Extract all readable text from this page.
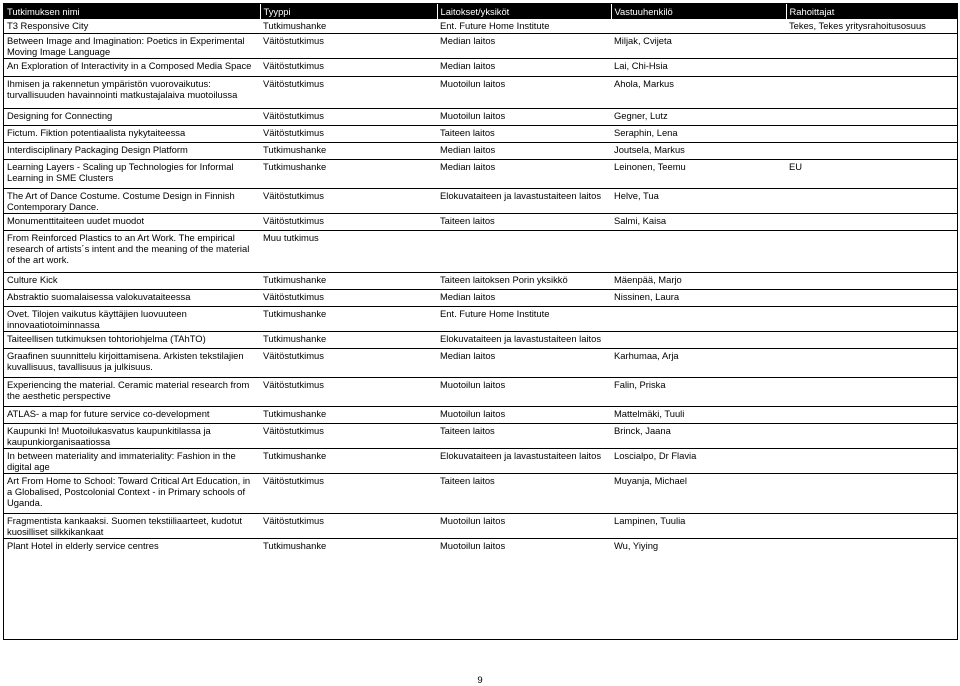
Tutkimuksen nimi	Tyyppi	Laitokset/yksiköt	Vastuuhenkilö	Rahoittajat
T3 Responsive City	Tutkimushanke	Ent. Future Home Institute		Tekes, Tekes yritysrahoitusosuus
Between Image and Imagination: Poetics in Experimental Moving Image Language	Väitöstutkimus	Median laitos	Miljak, Cvijeta	
An Exploration of Interactivity in a Composed Media Space	Väitöstutkimus	Median laitos	Lai, Chi-Hsia	
Ihmisen ja rakennetun ympäristön vuorovaikutus: turvallisuuden havainnointi matkustajalaiva muotoilussa	Väitöstutkimus	Muotoilun laitos	Ahola, Markus	
Designing for Connecting	Väitöstutkimus	Muotoilun laitos	Gegner, Lutz	
Fictum. Fiktion potentiaalista nykytaiteessa	Väitöstutkimus	Taiteen laitos	Seraphin, Lena	
Interdisciplinary Packaging Design Platform	Tutkimushanke	Median laitos	Joutsela, Markus	
Learning Layers - Scaling up Technologies for Informal Learning in SME Clusters	Tutkimushanke	Median laitos	Leinonen, Teemu	EU
The Art of Dance Costume. Costume Design in Finnish Contemporary Dance.	Väitöstutkimus	Elokuvataiteen ja lavastustaiteen laitos	Helve, Tua	
Monumenttitaiteen uudet muodot	Väitöstutkimus	Taiteen laitos	Salmi, Kaisa	
From Reinforced Plastics to an Art Work. The empirical research of artists´s intent and the meaning of the material of the art work.	Muu tutkimus			
Culture Kick	Tutkimushanke	Taiteen laitoksen Porin yksikkö	Mäenpää, Marjo	
Abstraktio suomalaisessa valokuvataiteessa	Väitöstutkimus	Median laitos	Nissinen, Laura	
Ovet. Tilojen vaikutus käyttäjien luovuuteen innovaatiotoiminnassa	Tutkimushanke	Ent. Future Home Institute		
Taiteellisen tutkimuksen tohtoriohjelma (TAhTO)	Tutkimushanke	Elokuvataiteen ja lavastustaiteen laitos		
Graafinen suunnittelu kirjoittamisena. Arkisten tekstilajien kuvallisuus, tavallisuus ja julkisuus.	Väitöstutkimus	Median laitos	Karhumaa, Arja	
Experiencing the material. Ceramic material research from the aesthetic perspective	Väitöstutkimus	Muotoilun laitos	Falin, Priska	
ATLAS- a map for future service co-development	Tutkimushanke	Muotoilun laitos	Mattelmäki, Tuuli	
Kaupunki In! Muotoilukasvatus kaupunkitilassa ja kaupunkiorganisaatiossa	Väitöstutkimus	Taiteen laitos	Brinck, Jaana	
In between materiality and immateriality: Fashion in the digital age	Tutkimushanke	Elokuvataiteen ja lavastustaiteen laitos	Loscialpo, Dr Flavia	
Art From Home to School: Toward Critical Art Education, in a Globalised, Postcolonial Context - in Primary schools of Uganda.	Väitöstutkimus	Taiteen laitos	Muyanja, Michael	
Fragmentista kankaaksi. Suomen tekstiiliaarteet, kudotut kuosilliset silkkikankaat	Väitöstutkimus	Muotoilun laitos	Lampinen, Tuulia	
Plant Hotel in elderly service centres	Tutkimushanke	Muotoilun laitos	Wu, Yiying	
9
